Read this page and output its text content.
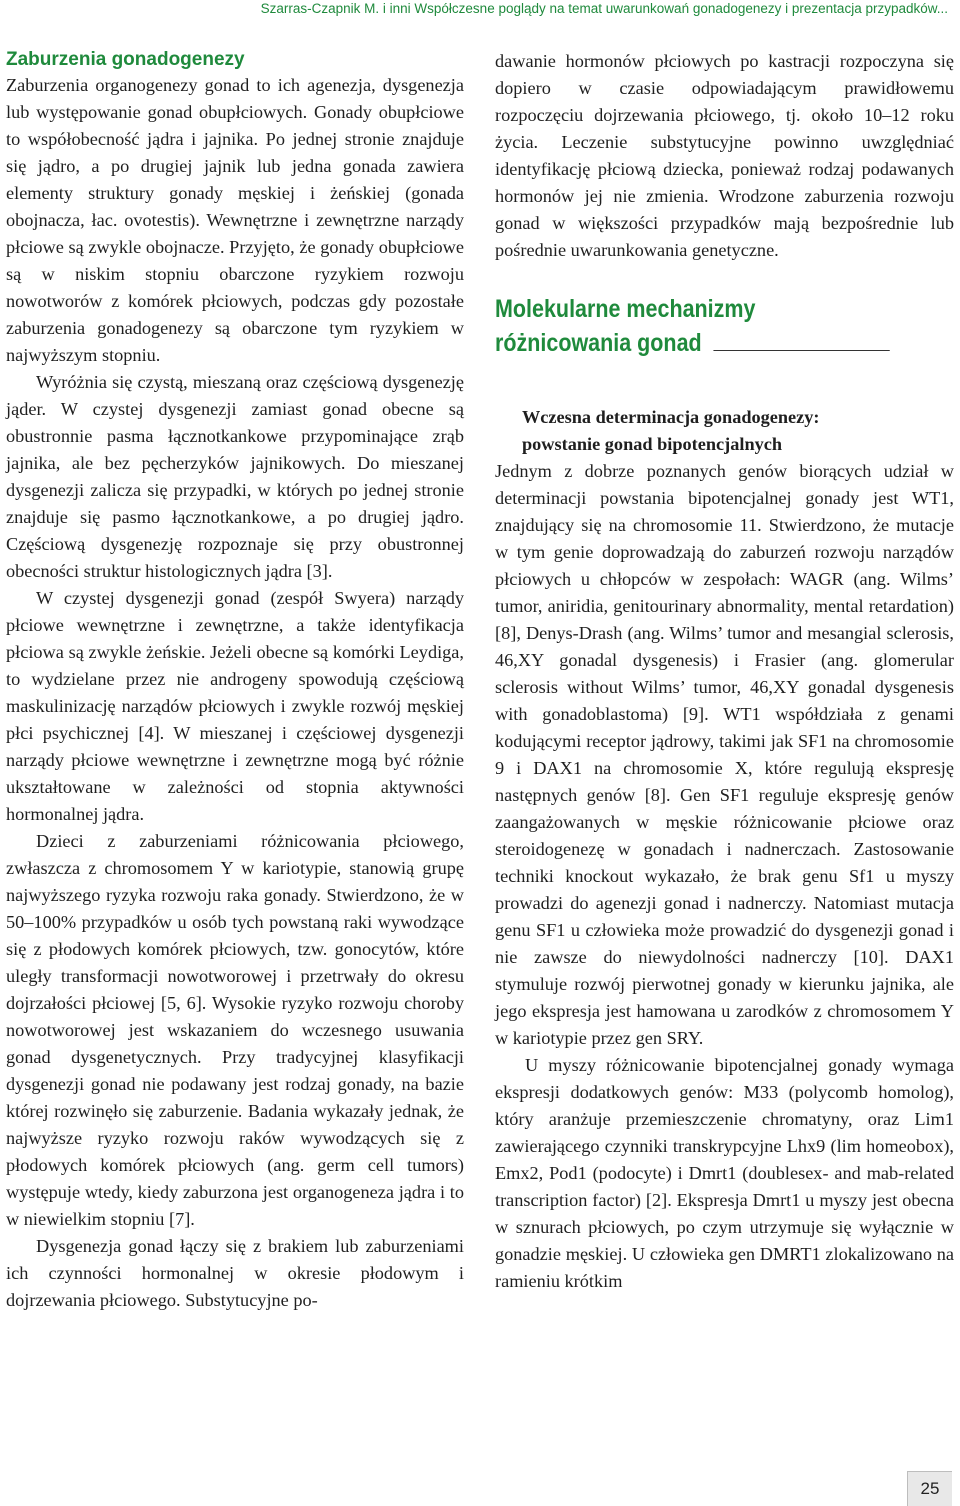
Szarras-Czapnik M. i inni Współczesne poglądy na temat uwarunkowań gonadogenezy i prezentacja przypadków...
Zaburzenia gonadogenezy

Zaburzenia organogenezy gonad to ich agenezja, dysgenezja lub występowanie gonad obupłciowych. Gonady obupłciowe to współobecność jądra i jajnika. Po jednej stronie znajduje się jądro, a po drugiej jajnik lub jedna gonada zawiera elementy struktury gonady męskiej i żeńskiej (gonada obojnacza, łac. ovotestis). Wewnętrzne i zewnętrzne narządy płciowe są zwykle obojnacze. Przyjęto, że gonady obupłciowe są w niskim stopniu obarczone ryzykiem rozwoju nowotworów z komórek płciowych, podczas gdy pozostałe zaburzenia gonadogenezy są obarczone tym ryzykiem w najwyższym stopniu.

Wyróżnia się czystą, mieszaną oraz częściową dysgenezję jąder. W czystej dysgenezji zamiast gonad obecne są obustronnie pasma łącznotkankowe przypominające zrąb jajnika, ale bez pęcherzyków jajnikowych. Do mieszanej dysgenezji zalicza się przypadki, w których po jednej stronie znajduje się pasmo łącznotkankowe, a po drugiej jądro. Częściową dysgenezję rozpoznaje się przy obustronnej obecności struktur histologicznych jądra [3].

W czystej dysgenezji gonad (zespół Swyera) narządy płciowe wewnętrzne i zewnętrzne, a także identyfikacja płciowa są zwykle żeńskie. Jeżeli obecne są komórki Leydiga, to wydzielane przez nie androgeny spowodują częściową maskulinizację narządów płciowych i zwykle rozwój męskiej płci psychicznej [4]. W mieszanej i częściowej dysgenezji narządy płciowe wewnętrzne i zewnętrzne mogą być różnie ukształtowane w zależności od stopnia aktywności hormonalnej jądra.

Dzieci z zaburzeniami różnicowania płciowego, zwłaszcza z chromosomem Y w kariotypie, stanowią grupę najwyższego ryzyka rozwoju raka gonady. Stwierdzono, że w 50–100% przypadków u osób tych powstaną raki wywodzące się z płodowych komórek płciowych, tzw. gonocytów, które uległy transformacji nowotworowej i przetrwały do okresu dojrzałości płciowej [5, 6]. Wysokie ryzyko rozwoju choroby nowotworowej jest wskazaniem do wczesnego usuwania gonad dysgenetycznych. Przy tradycyjnej klasyfikacji dysgenezji gonad nie podawany jest rodzaj gonady, na bazie której rozwinęło się zaburzenie. Badania wykazały jednak, że najwyższe ryzyko rozwoju raków wywodzących się z płodowych komórek płciowych (ang. germ cell tumors) występuje wtedy, kiedy zaburzona jest organogeneza jądra i to w niewielkim stopniu [7].

Dysgenezja gonad łączy się z brakiem lub zaburzeniami ich czynności hormonalnej w okresie płodowym i dojrzewania płciowego. Substytucyjne po-

dawanie hormonów płciowych po kastracji rozpoczyna się dopiero w czasie odpowiadającym prawidłowemu rozpoczęciu dojrzewania płciowego, tj. około 10–12 roku życia. Leczenie substytucyjne powinno uwzględniać identyfikację płciową dziecka, ponieważ rodzaj podawanych hormonów jej nie zmienia. Wrodzone zaburzenia rozwoju gonad w większości przypadków mają bezpośrednie lub pośrednie uwarunkowania genetyczne.

Molekularne mechanizmy
różnicowania gonad
Wczesna determinacja gonadogenezy:
powstanie gonad bipotencjalnych

Jednym z dobrze poznanych genów biorących udział w determinacji powstania bipotencjalnej gonady jest WT1, znajdujący się na chromosomie 11. Stwierdzono, że mutacje w tym genie doprowadzają do zaburzeń rozwoju narządów płciowych u chłopców w zespołach: WAGR (ang. Wilms’ tumor, aniridia, genitourinary abnormality, mental retardation) [8], Denys-Drash (ang. Wilms’ tumor and mesangial sclerosis, 46,XY gonadal dysgenesis) i Frasier (ang. glomerular sclerosis without Wilms’ tumor, 46,XY gonadal dysgenesis with gonadoblastoma) [9]. WT1 współdziała z genami kodującymi receptor jądrowy, takimi jak SF1 na chromosomie 9 i DAX1 na chromosomie X, które regulują ekspresję następnych genów [8]. Gen SF1 reguluje ekspresję genów zaangażowanych w męskie różnicowanie płciowe oraz steroidogenezę w gonadach i nadnerczach. Zastosowanie techniki knockout wykazało, że brak genu Sf1 u myszy prowadzi do agenezji gonad i nadnerczy. Natomiast mutacja genu SF1 u człowieka może prowadzić do dysgenezji gonad i nie zawsze do niewydolności nadnerczy [10]. DAX1 stymuluje rozwój pierwotnej gonady w kierunku jajnika, ale jego ekspresja jest hamowana u zarodków z chromosomem Y w kariotypie przez gen SRY.

U myszy różnicowanie bipotencjalnej gonady wymaga ekspresji dodatkowych genów: M33 (polycomb homolog), który aranżuje przemieszczenie chromatyny, oraz Lim1 zawierającego czynniki transkrypcyjne Lhx9 (lim homeobox), Emx2, Pod1 (podocyte) i Dmrt1 (doublesex- and mab-related transcription factor) [2]. Ekspresja Dmrt1 u myszy jest obecna w sznurach płciowych, po czym utrzymuje się wyłącznie w gonadzie męskiej. U człowieka gen DMRT1 zlokalizowano na ramieniu krótkim

25
